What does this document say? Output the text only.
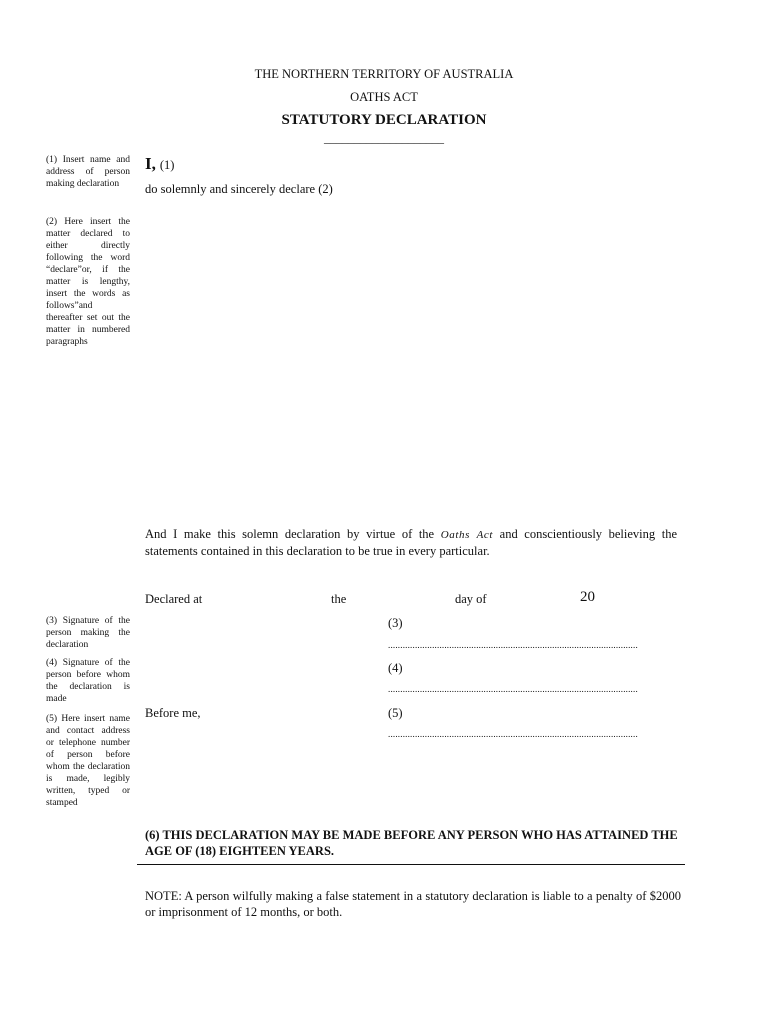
THE NORTHERN TERRITORY OF AUSTRALIA
OATHS ACT
STATUTORY DECLARATION
____________________
(1) Insert name and address of person making declaration
(2) Here insert the matter declared to either directly following the word “declare”or, if the matter is lengthy, insert the words as follows”and thereafter set out the matter in numbered paragraphs
(3) Signature of the person making the declaration
(4) Signature of the person before whom the declaration is made
(5) Here insert name and contact address or telephone number of person before whom the declaration is made, legibly written, typed or stamped
I, (1)
do solemnly and sincerely declare (2)
And I make this solemn declaration by virtue of the Oaths Act and conscientiously believing the statements contained in this declaration to be true in every particular.
Declared at	the	day of	20
(3)
......................................................................................................
(4)
......................................................................................................
Before me,	(5)
......................................................................................................
(6) THIS DECLARATION MAY BE MADE BEFORE ANY PERSON WHO HAS ATTAINED THE AGE OF (18) EIGHTEEN YEARS.
NOTE: A person wilfully making a false statement in a statutory declaration is liable to a penalty of $2000 or imprisonment of 12 months, or both.
